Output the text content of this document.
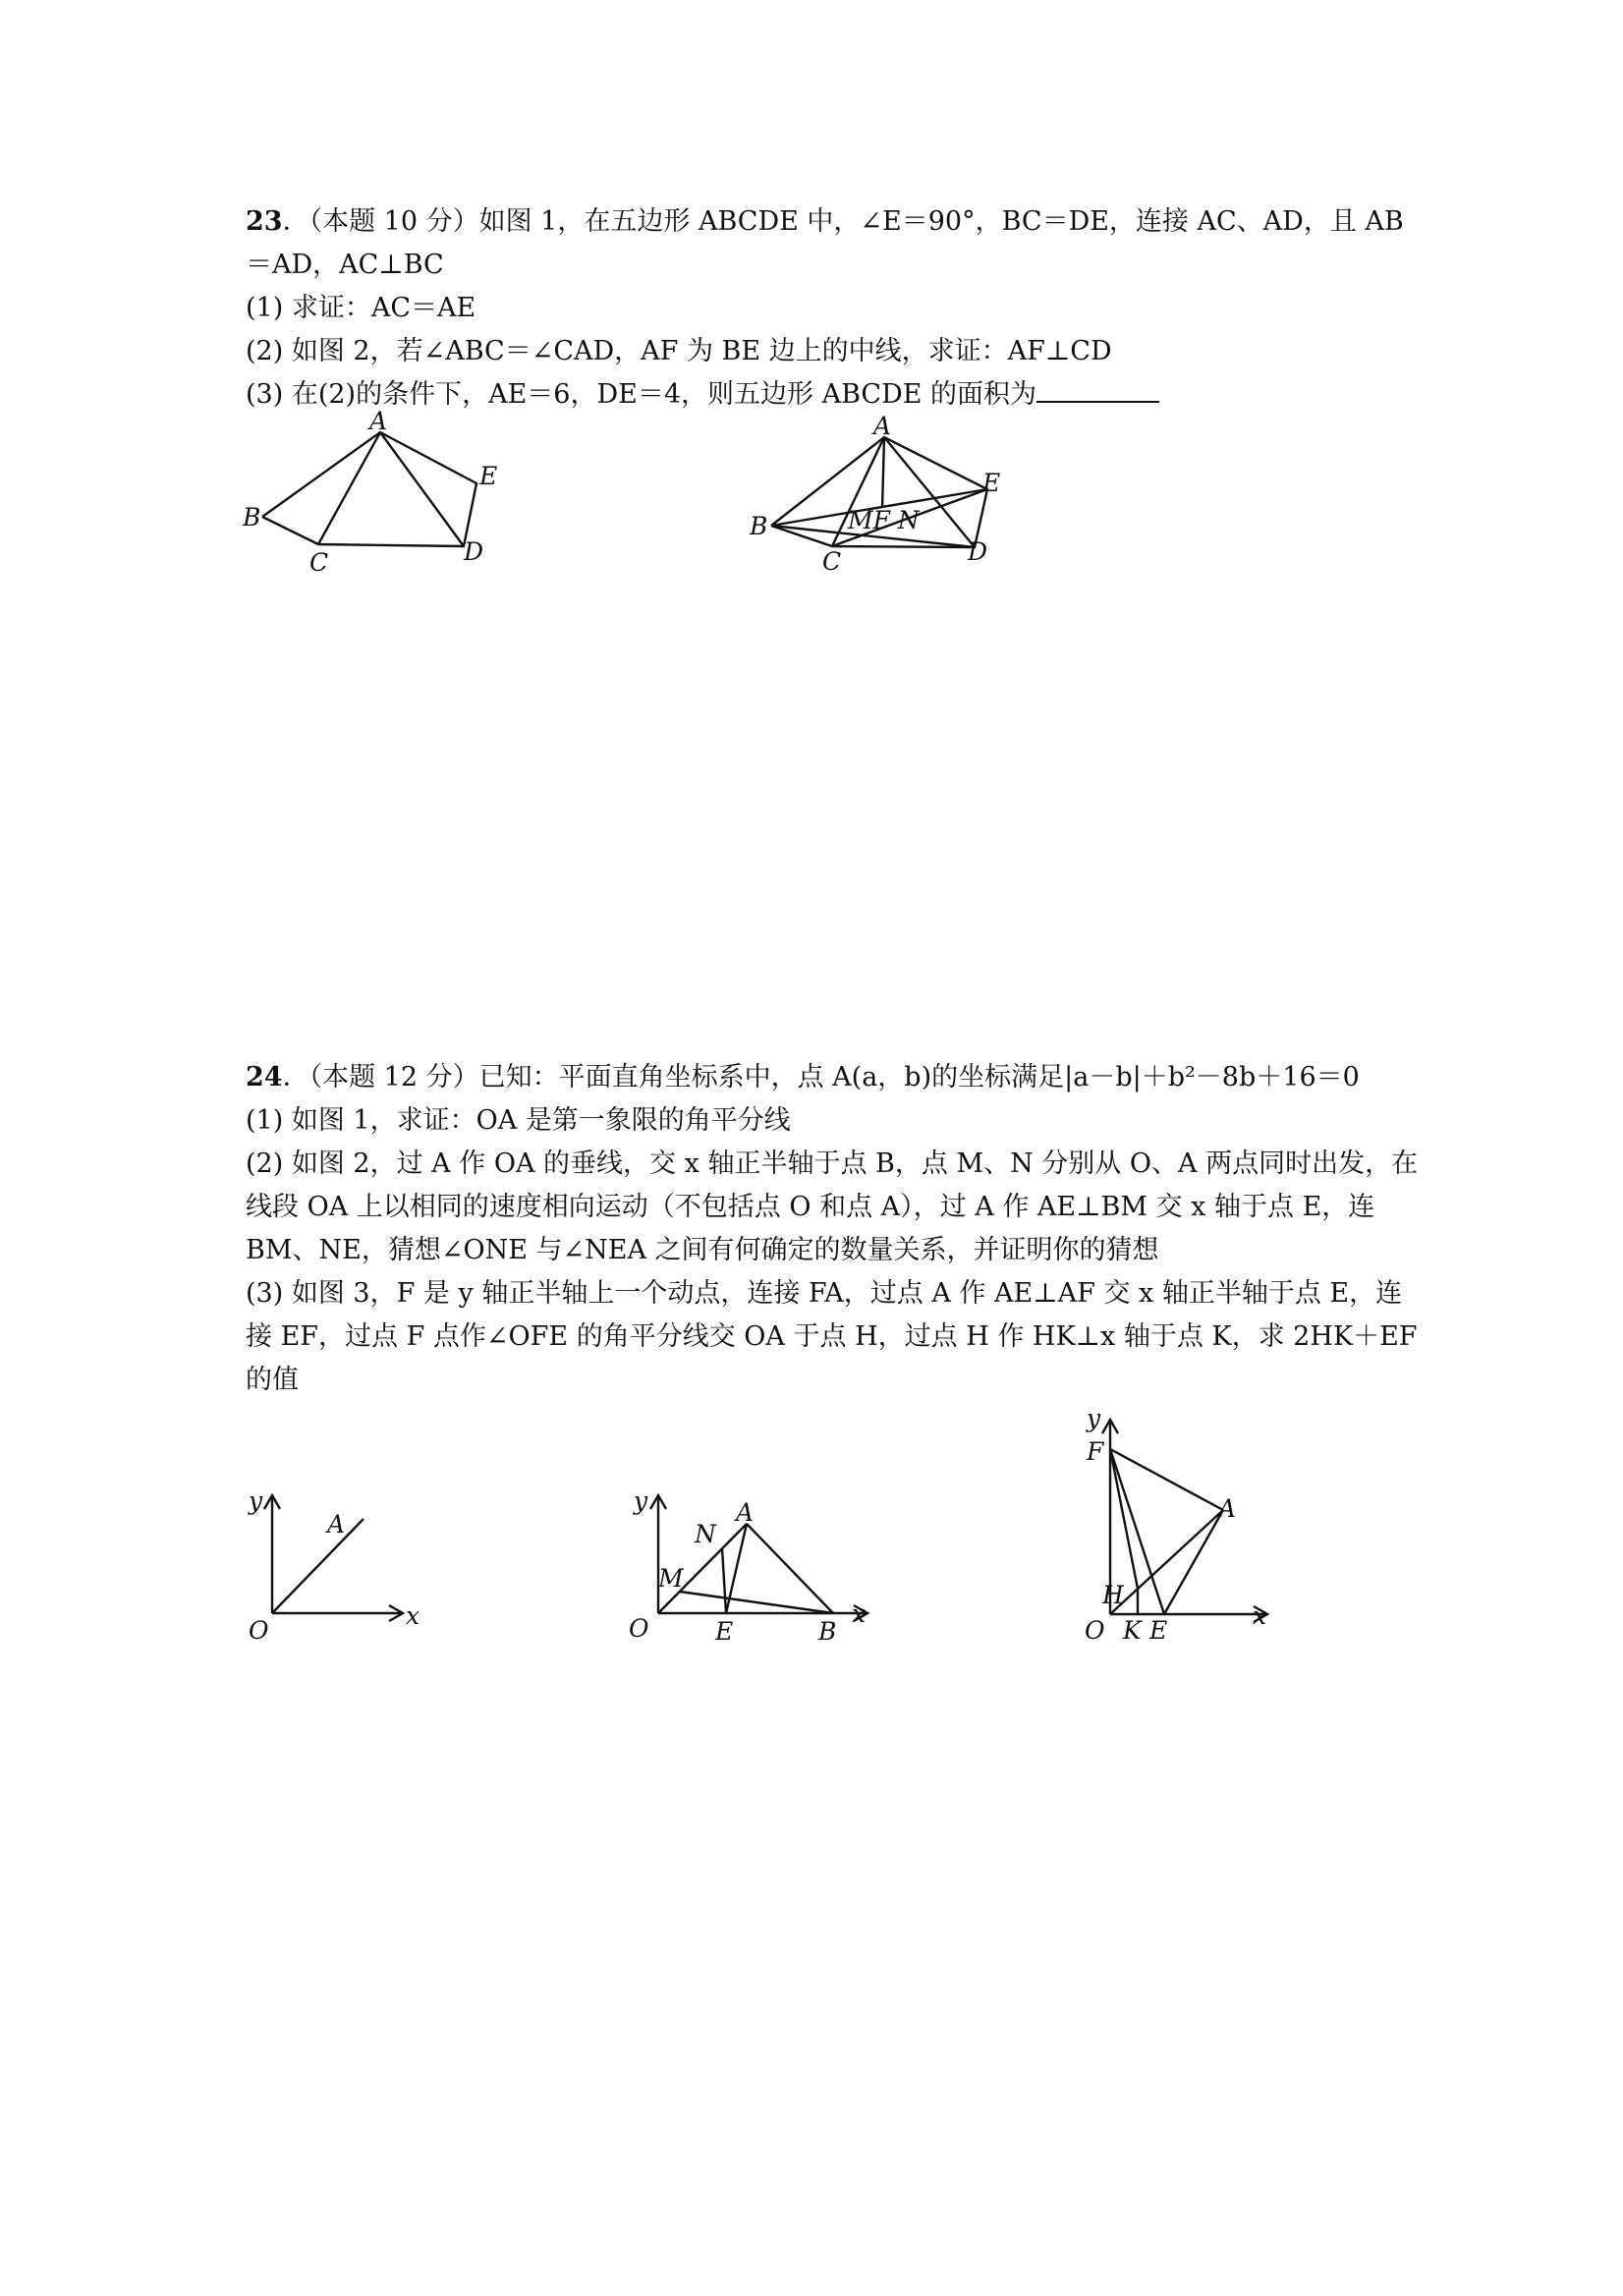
23．（本题 10 分）如图 1，在五边形 ABCDE 中，∠E＝90°，BC＝DE，连接 AC、AD，且 AB
＝AD，AC⊥BC
(1) 求证：AC＝AE
(2) 如图 2，若∠ABC＝∠CAD，AF 为 BE 边上的中线，求证：AF⊥CD
(3) 在(2)的条件下，AE＝6，DE＝4，则五边形 ABCDE 的面积为
A
B
C	D
E
A
B
C	D
E
MF N
24．（本题 12 分）已知：平面直角坐标系中，点 A(a，b)的坐标满足|a－b|＋b²－8b＋16＝0
(1) 如图 1，求证：OA 是第一象限的角平分线
(2) 如图 2，过 A 作 OA 的垂线，交 x 轴正半轴于点 B，点 M、N 分别从 O、A 两点同时出发，在
线段 OA 上以相同的速度相向运动（不包括点 O 和点 A），过 A 作 AE⊥BM 交 x 轴于点 E，连
BM、NE，猜想∠ONE 与∠NEA 之间有何确定的数量关系，并证明你的猜想
(3) 如图 3，F 是 y 轴正半轴上一个动点，连接 FA，过点 A 作 AE⊥AF 交 x 轴正半轴于点 E，连
接 EF，过点 F 点作∠OFE 的角平分线交 OA 于点 H，过点 H 作 HK⊥x 轴于点 K，求 2HK＋EF
的值
y
x
O
A
y
x
O
A
N
M
E	B
y
x
O
F
A
H
K E
